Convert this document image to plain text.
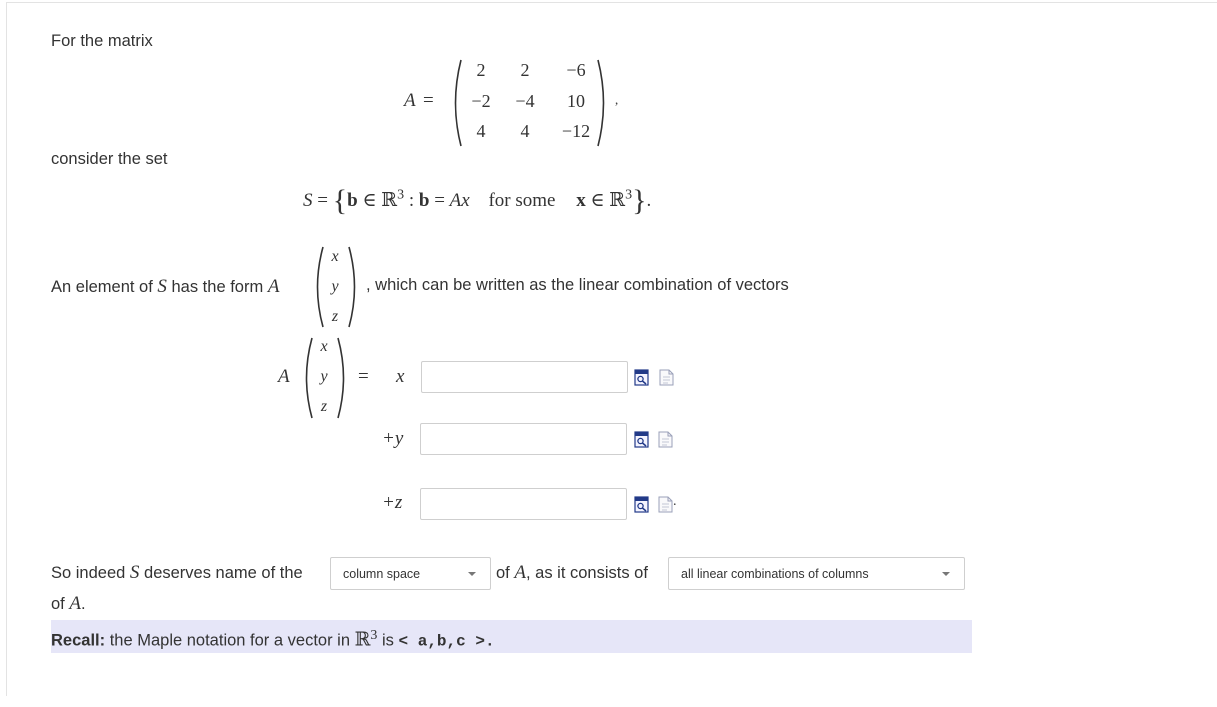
For the matrix
A =
2	2	−6
−2	−4	10
4	4	−12
,
consider the set
S = {b ∈ ℝ$^3$ : b = Ax for some x ∈ ℝ$^3$}.
An element of S has the form A
x
y
z
, which can be written as the linear combination of vectors
A
x
y
z
= x
+y
+z	.
So indeed S deserves name of the	column space	of A, as it consists of	all linear combinations of columns
of A.
Recall: the Maple notation for a vector in ℝ$^3$ is < a,b,c >.
